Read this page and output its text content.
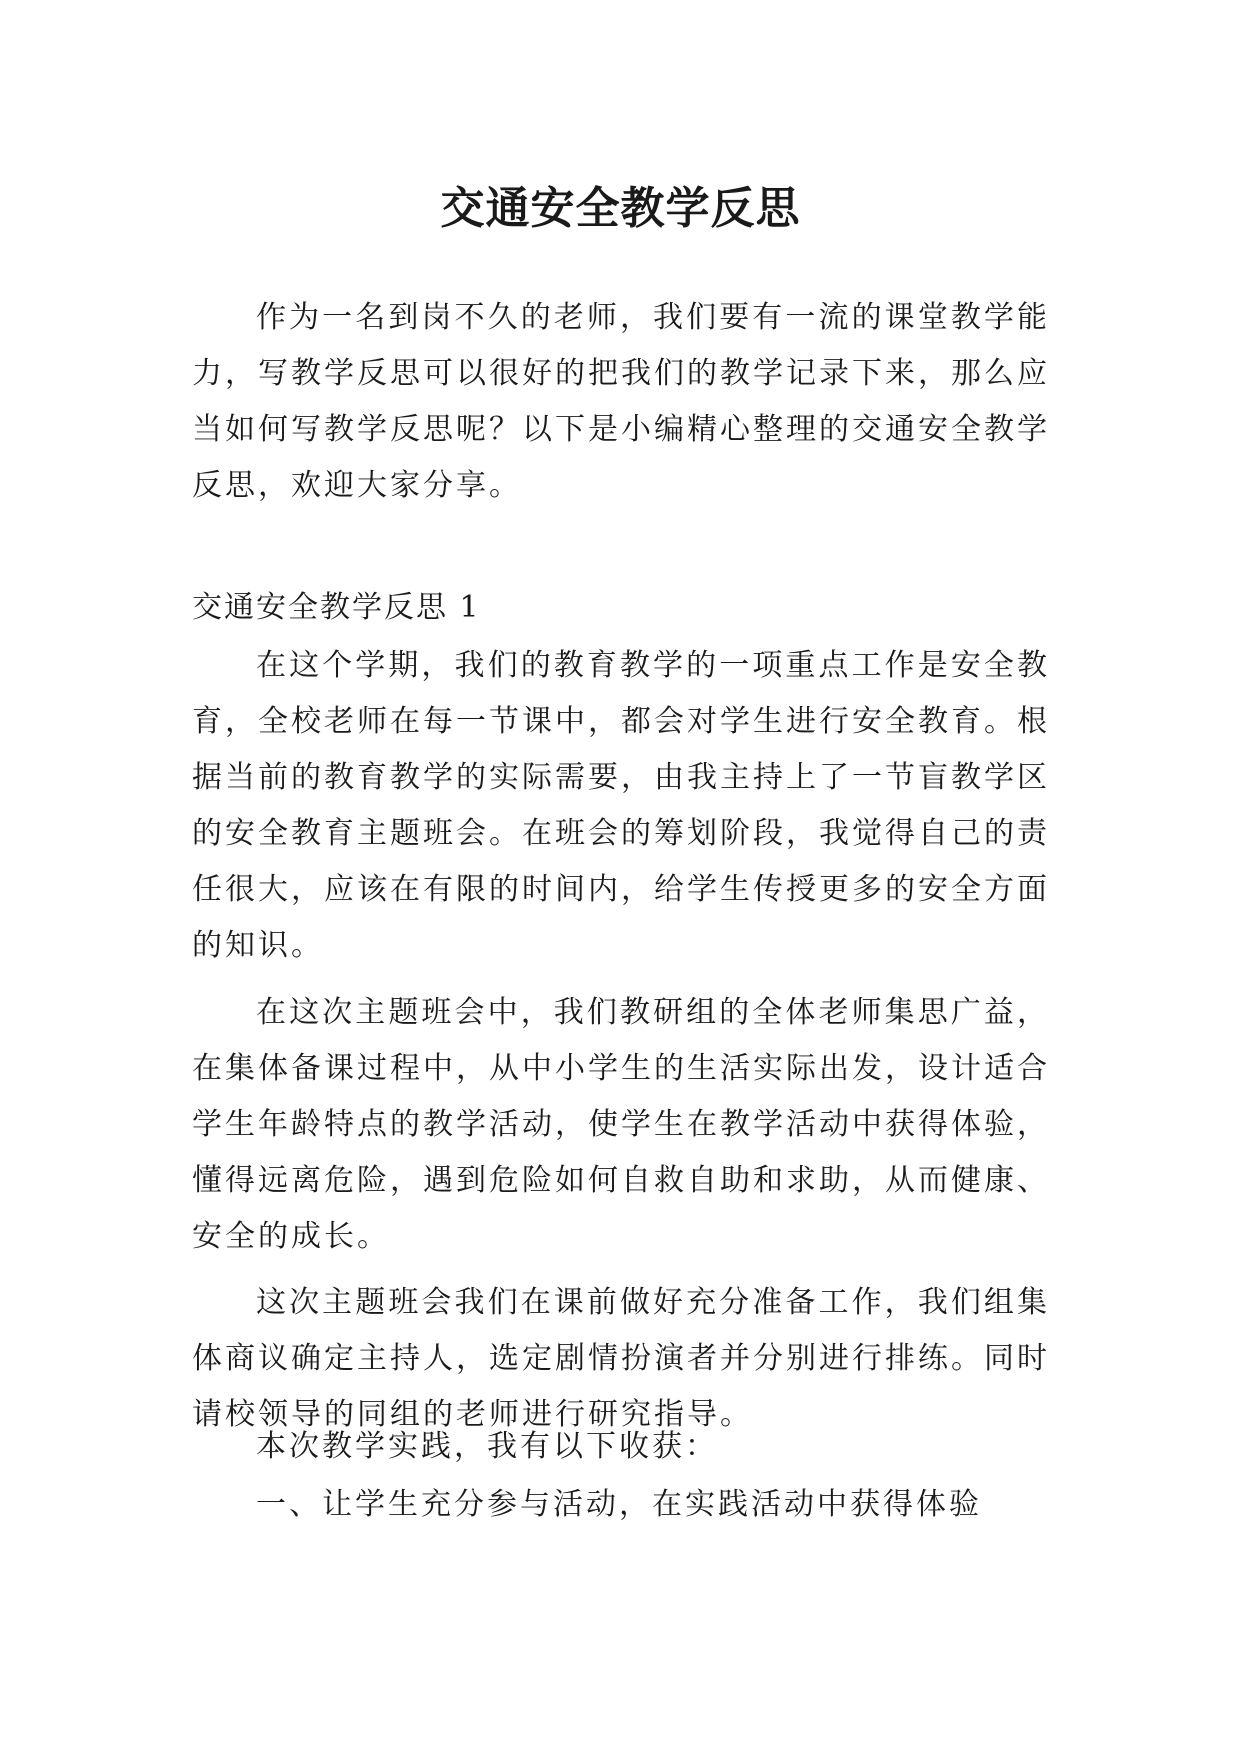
交通安全教学反思

作为一名到岗不久的老师，我们要有一流的课堂教学能力，写教学反思可以很好的把我们的教学记录下来，那么应当如何写教学反思呢？以下是小编精心整理的交通安全教学反思，欢迎大家分享。

交通安全教学反思 1

在这个学期，我们的教育教学的一项重点工作是安全教育，全校老师在每一节课中，都会对学生进行安全教育。根据当前的教育教学的实际需要，由我主持上了一节盲教学区的安全教育主题班会。在班会的筹划阶段，我觉得自己的责任很大，应该在有限的时间内，给学生传授更多的安全方面的知识。

在这次主题班会中，我们教研组的全体老师集思广益，在集体备课过程中，从中小学生的生活实际出发，设计适合学生年龄特点的教学活动，使学生在教学活动中获得体验，懂得远离危险，遇到危险如何自救自助和求助，从而健康、安全的成长。

这次主题班会我们在课前做好充分准备工作，我们组集体商议确定主持人，选定剧情扮演者并分别进行排练。同时请校领导的同组的老师进行研究指导。

本次教学实践，我有以下收获：

一、让学生充分参与活动，在实践活动中获得体验
